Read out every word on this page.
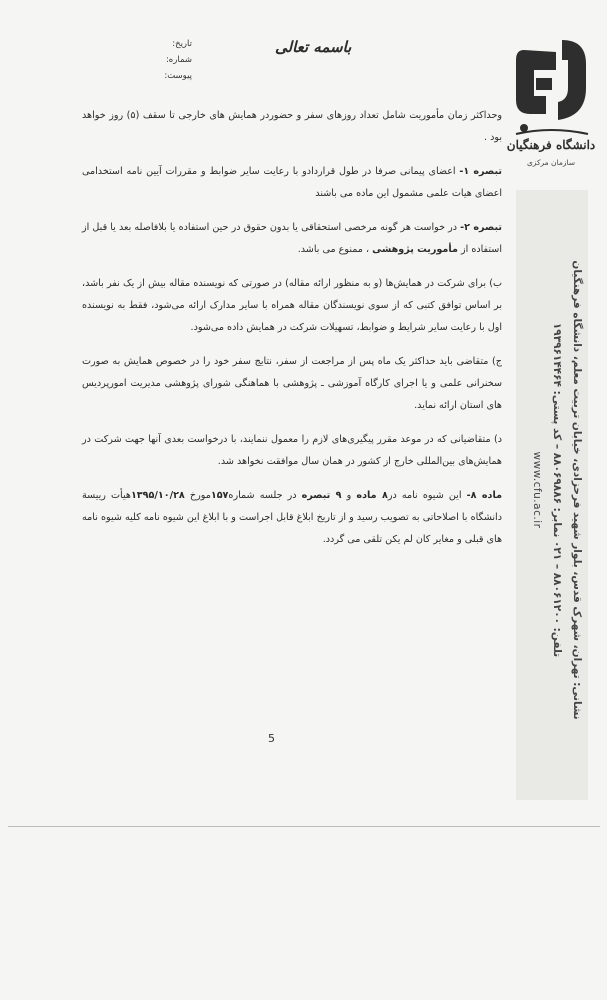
تاریخ:
شماره:
پیوست:
باسمه تعالی
دانشگاه فرهنگیان
سازمان مرکزی
نشانی: تهران، شهرک قدس، بلوار شهید فرحزادی، خیابان تربیت معلم، دانشگاه فرهنگیان
تلفن: ۸۸۰۶۱۲۰۰ – ۰۲۱ نمابر: ۸۸۰۶۹۸۸۶ – کد پستی: ۱۹۳۹۶۱۴۴۶۴
www.cfu.ac.ir

وحداکثر زمان مأموریت شامل تعداد روزهای سفر و حضوردر همایش های خارجی تا سقف (۵) روز خواهد بود .

تبصره ۱- اعضای پیمانی صرفا در طول قراردادو با رعایت سایر ضوابط و مقررات آیین نامه استخدامی اعضای هیات علمی مشمول این ماده می باشند

تبصره ۲- در خواست هر گونه مرخصی استحقاقی یا بدون حقوق در حین استفاده یا بلافاصله بعد یا قبل از استفاده از مأموریت پژوهشی ، ممنوع می باشد.

ب) برای شرکت در همایش‌ها (و به منظور ارائه مقاله) در صورتی که نویسنده مقاله بیش از یک نفر باشد، بر اساس توافق کتبی که از سوی نویسندگان مقاله همراه با سایر مدارک ارائه می‌شود، فقط به نویسنده اول با رعایت سایر شرایط و ضوابط، تسهیلات شرکت در همایش داده می‌شود.

ج) متقاضی باید حداکثر یک ماه پس از مراجعت از سفر، نتایج سفر خود را در خصوص همایش به صورت سخنرانی علمی و یا اجرای کارگاه آموزشی ـ پژوهشی با هماهنگی شورای پژوهشی مدیریت امورپردیس های استان ارائه نماید.

د) متقاضیانی که در موعد مقرر پیگیری‌های لازم را معمول ننمایند، با درخواست بعدی آنها جهت شرکت در همایش‌های بین‌المللی خارج از کشور در همان سال موافقت نخواهد شد.

ماده ۸- این شیوه نامه در۸ ماده و ۹ تبصره در جلسه شماره۱۵۷مورخ ۱۳۹۵/۱۰/۲۸هیأت رییسة دانشگاه با اصلاحاتی به تصویب رسید و از تاریخ ابلاغ قابل اجراست و با ابلاغ این شیوه نامه کلیه شیوه نامه های قبلی و مغایر کان لم یکن تلقی می گردد.

5
